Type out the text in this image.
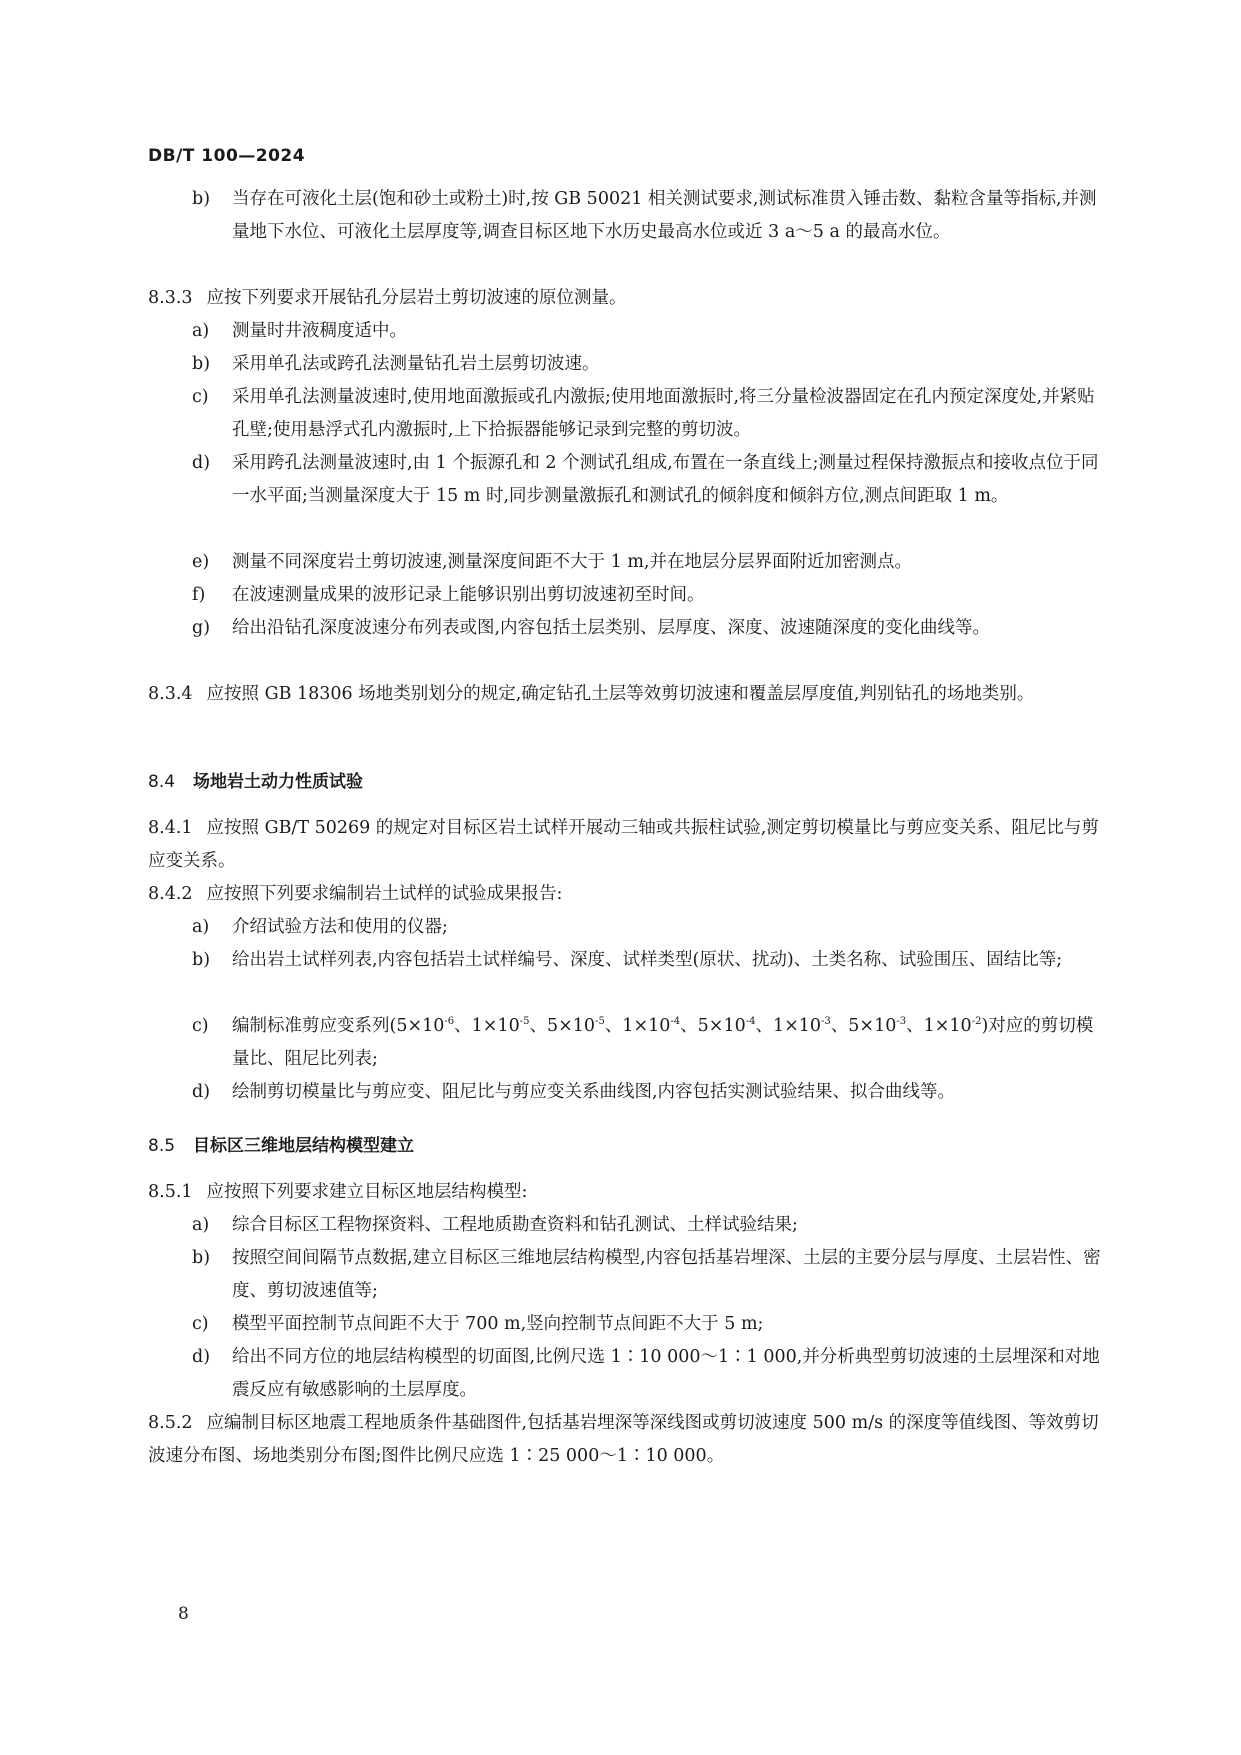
DB/T 100—2024
b) 当存在可液化土层(饱和砂土或粉土)时,按 GB 50021 相关测试要求,测试标准贯入锤击数、黏粒含量等指标,并测量地下水位、可液化土层厚度等,调查目标区地下水历史最高水位或近 3 a～5 a 的最高水位。
8.3.3 应按下列要求开展钻孔分层岩土剪切波速的原位测量。
a) 测量时井液稠度适中。
b) 采用单孔法或跨孔法测量钻孔岩土层剪切波速。
c) 采用单孔法测量波速时,使用地面激振或孔内激振;使用地面激振时,将三分量检波器固定在孔内预定深度处,并紧贴孔壁;使用悬浮式孔内激振时,上下拾振器能够记录到完整的剪切波。
d) 采用跨孔法测量波速时,由 1 个振源孔和 2 个测试孔组成,布置在一条直线上;测量过程保持激振点和接收点位于同一水平面;当测量深度大于 15 m 时,同步测量激振孔和测试孔的倾斜度和倾斜方位,测点间距取 1 m。
e) 测量不同深度岩土剪切波速,测量深度间距不大于 1 m,并在地层分层界面附近加密测点。
f) 在波速测量成果的波形记录上能够识别出剪切波速初至时间。
g) 给出沿钻孔深度波速分布列表或图,内容包括土层类别、层厚度、深度、波速随深度的变化曲线等。
8.3.4 应按照 GB 18306 场地类别划分的规定,确定钻孔土层等效剪切波速和覆盖层厚度值,判别钻孔的场地类别。
8.4 场地岩土动力性质试验
8.4.1 应按照 GB/T 50269 的规定对目标区岩土试样开展动三轴或共振柱试验,测定剪切模量比与剪应变关系、阻尼比与剪应变关系。
8.4.2 应按照下列要求编制岩土试样的试验成果报告:
a) 介绍试验方法和使用的仪器;
b) 给出岩土试样列表,内容包括岩土试样编号、深度、试样类型(原状、扰动)、土类名称、试验围压、固结比等;
c) 编制标准剪应变系列($5\times 10^{-6}$、$1\times 10^{-5}$、$5\times 10^{-5}$、$1\times 10^{-4}$、$5\times 10^{-4}$、$1\times 10^{-3}$、$5\times 10^{-3}$、$1\times 10^{-2}$)对应的剪切模量比、阻尼比列表;
d) 绘制剪切模量比与剪应变、阻尼比与剪应变关系曲线图,内容包括实测试验结果、拟合曲线等。
8.5 目标区三维地层结构模型建立
8.5.1 应按照下列要求建立目标区地层结构模型:
a) 综合目标区工程物探资料、工程地质勘查资料和钻孔测试、土样试验结果;
b) 按照空间间隔节点数据,建立目标区三维地层结构模型,内容包括基岩埋深、土层的主要分层与厚度、土层岩性、密度、剪切波速值等;
c) 模型平面控制节点间距不大于 700 m,竖向控制节点间距不大于 5 m;
d) 给出不同方位的地层结构模型的切面图,比例尺选 1∶10 000～1∶1 000,并分析典型剪切波速的土层埋深和对地震反应有敏感影响的土层厚度。
8.5.2 应编制目标区地震工程地质条件基础图件,包括基岩埋深等深线图或剪切波速度 500 m/s 的深度等值线图、等效剪切波速分布图、场地类别分布图;图件比例尺应选 1∶25 000～1∶10 000。
8
